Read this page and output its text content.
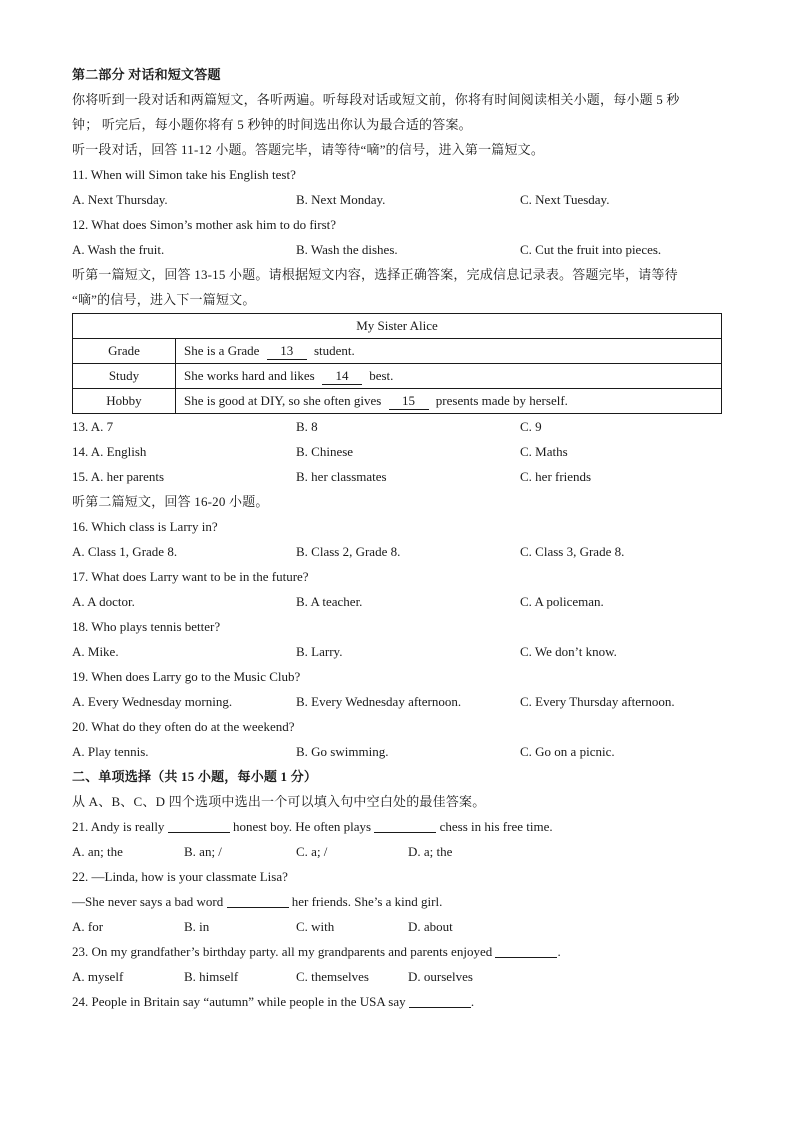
第二部分 对话和短文答题
你将听到一段对话和两篇短文，各听两遍。听每段对话或短文前，你将有时间阅读相关小题，每小题 5 秒
钟； 听完后，每小题你将有 5 秒钟的时间选出你认为最合适的答案。
听一段对话，回答 11-12 小题。答题完毕，请等待“嘀”的信号，进入第一篇短文。
11. When will Simon take his English test?
A. Next Thursday.	B. Next Monday.	C. Next Tuesday.
12. What does Simon’s mother ask him to do first?
A. Wash the fruit.	B. Wash the dishes.	C. Cut the fruit into pieces.
听第一篇短文，回答 13-15 小题。请根据短文内容，选择正确答案，完成信息记录表。答题完毕，请等待
“嘀”的信号，进入下一篇短文。
My Sister Alice	
Grade	She is a Grade 13 student.
Study	She works hard and likes 14 best.
Hobby	She is good at DIY, so she often gives 15 presents made by herself.
13. A. 7	B. 8	C. 9
14. A. English	B. Chinese	C. Maths
15. A. her parents	B. her classmates	C. her friends
听第二篇短文，回答 16-20 小题。
16. Which class is Larry in?
A. Class 1, Grade 8.	B. Class 2, Grade 8.	C. Class 3, Grade 8.
17. What does Larry want to be in the future?
A. A doctor.	B. A teacher.	C. A policeman.
18. Who plays tennis better?
A. Mike.	B. Larry.	C. We don’t know.
19. When does Larry go to the Music Club?
A. Every Wednesday morning.	B. Every Wednesday afternoon.	C. Every Thursday afternoon.
20. What do they often do at the weekend?
A. Play tennis.	B. Go swimming.	C. Go on a picnic.
二、单项选择（共 15 小题，每小题 1 分）
从 A、B、C、D 四个选项中选出一个可以填入句中空白处的最佳答案。
21. Andy is really	honest boy. He often plays	chess in his free time.
A. an; the	B. an; /	C. a; /	D. a; the
22. —Linda, how is your classmate Lisa?
—She never says a bad word	her friends. She’s a kind girl.
A. for	B. in	C. with	D. about
23. On my grandfather’s birthday party. all my grandparents and parents enjoyed	.
A. myself	B. himself	C. themselves	D. ourselves
24. People in Britain say “autumn” while people in the USA say	.
